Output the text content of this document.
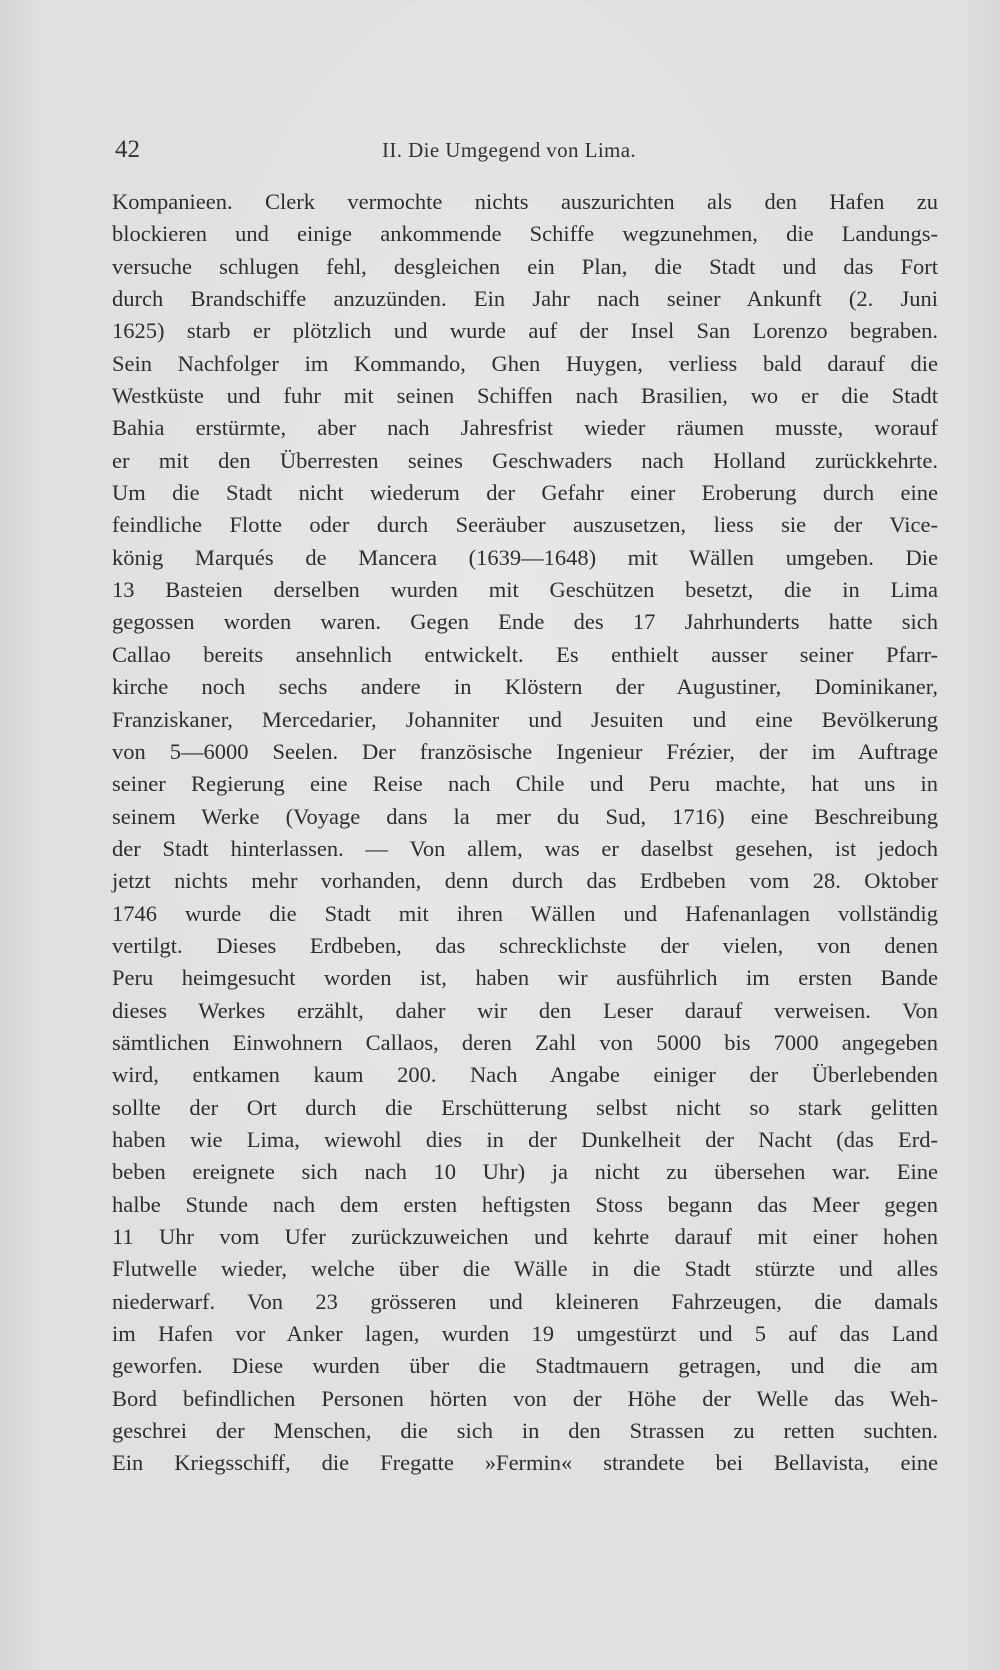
42	II. Die Umgegend von Lima.
Kompanieen. Clerk vermochte nichts auszurichten als den Hafen zu
blockieren und einige ankommende Schiffe wegzunehmen, die Landungs-
versuche schlugen fehl, desgleichen ein Plan, die Stadt und das Fort
durch Brandschiffe anzuzünden. Ein Jahr nach seiner Ankunft (2. Juni
1625) starb er plötzlich und wurde auf der Insel San Lorenzo begraben.
Sein Nachfolger im Kommando, Ghen Huygen, verliess bald darauf die
Westküste und fuhr mit seinen Schiffen nach Brasilien, wo er die Stadt
Bahia erstürmte, aber nach Jahresfrist wieder räumen musste, worauf
er mit den Überresten seines Geschwaders nach Holland zurückkehrte.
Um die Stadt nicht wiederum der Gefahr einer Eroberung durch eine
feindliche Flotte oder durch Seeräuber auszusetzen, liess sie der Vice-
könig Marqués de Mancera (1639—1648) mit Wällen umgeben. Die
13 Basteien derselben wurden mit Geschützen besetzt, die in Lima
gegossen worden waren. Gegen Ende des 17 Jahrhunderts hatte sich
Callao bereits ansehnlich entwickelt. Es enthielt ausser seiner Pfarr-
kirche noch sechs andere in Klöstern der Augustiner, Dominikaner,
Franziskaner, Mercedarier, Johanniter und Jesuiten und eine Bevölkerung
von 5—6000 Seelen. Der französische Ingenieur Frézier, der im Auftrage
seiner Regierung eine Reise nach Chile und Peru machte, hat uns in
seinem Werke (Voyage dans la mer du Sud, 1716) eine Beschreibung
der Stadt hinterlassen. — Von allem, was er daselbst gesehen, ist jedoch
jetzt nichts mehr vorhanden, denn durch das Erdbeben vom 28. Oktober
1746 wurde die Stadt mit ihren Wällen und Hafenanlagen vollständig
vertilgt. Dieses Erdbeben, das schrecklichste der vielen, von denen
Peru heimgesucht worden ist, haben wir ausführlich im ersten Bande
dieses Werkes erzählt, daher wir den Leser darauf verweisen. Von
sämtlichen Einwohnern Callaos, deren Zahl von 5000 bis 7000 angegeben
wird, entkamen kaum 200. Nach Angabe einiger der Überlebenden
sollte der Ort durch die Erschütterung selbst nicht so stark gelitten
haben wie Lima, wiewohl dies in der Dunkelheit der Nacht (das Erd-
beben ereignete sich nach 10 Uhr) ja nicht zu übersehen war. Eine
halbe Stunde nach dem ersten heftigsten Stoss begann das Meer gegen
11 Uhr vom Ufer zurückzuweichen und kehrte darauf mit einer hohen
Flutwelle wieder, welche über die Wälle in die Stadt stürzte und alles
niederwarf. Von 23 grösseren und kleineren Fahrzeugen, die damals
im Hafen vor Anker lagen, wurden 19 umgestürzt und 5 auf das Land
geworfen. Diese wurden über die Stadtmauern getragen, und die am
Bord befindlichen Personen hörten von der Höhe der Welle das Weh-
geschrei der Menschen, die sich in den Strassen zu retten suchten.
Ein Kriegsschiff, die Fregatte »Fermin« strandete bei Bellavista, eine
